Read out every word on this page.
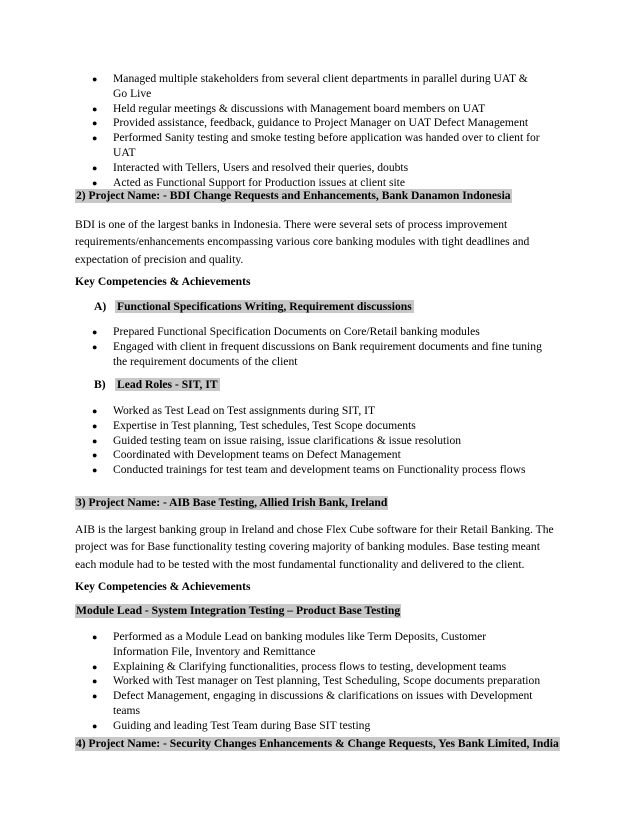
● Managed multiple stakeholders from several client departments in parallel during UAT & Go Live
● Held regular meetings & discussions with Management board members on UAT
● Provided assistance, feedback, guidance to Project Manager on UAT Defect Management
● Performed Sanity testing and smoke testing before application was handed over to client for UAT
● Interacted with Tellers, Users and resolved their queries, doubts
● Acted as Functional Support for Production issues at client site
2) Project Name: - BDI Change Requests and Enhancements, Bank Danamon Indonesia

BDI is one of the largest banks in Indonesia. There were several sets of process improvement requirements/enhancements encompassing various core banking modules with tight deadlines and expectation of precision and quality.

Key Competencies & Achievements
A) Functional Specifications Writing, Requirement discussions
● Prepared Functional Specification Documents on Core/Retail banking modules
● Engaged with client in frequent discussions on Bank requirement documents and fine tuning the requirement documents of the client
B) Lead Roles - SIT, IT
● Worked as Test Lead on Test assignments during SIT, IT
● Expertise in Test planning, Test schedules, Test Scope documents
● Guided testing team on issue raising, issue clarifications & issue resolution
● Coordinated with Development teams on Defect Management
● Conducted trainings for test team and development teams on Functionality process flows
3) Project Name: - AIB Base Testing, Allied Irish Bank, Ireland

AIB is the largest banking group in Ireland and chose Flex Cube software for their Retail Banking. The project was for Base functionality testing covering majority of banking modules. Base testing meant each module had to be tested with the most fundamental functionality and delivered to the client.

Key Competencies & Achievements
Module Lead - System Integration Testing – Product Base Testing
● Performed as a Module Lead on banking modules like Term Deposits, Customer Information File, Inventory and Remittance
● Explaining & Clarifying functionalities, process flows to testing, development teams
● Worked with Test manager on Test planning, Test Scheduling, Scope documents preparation
● Defect Management, engaging in discussions & clarifications on issues with Development teams
● Guiding and leading Test Team during Base SIT testing
4) Project Name: - Security Changes Enhancements & Change Requests, Yes Bank Limited, India
